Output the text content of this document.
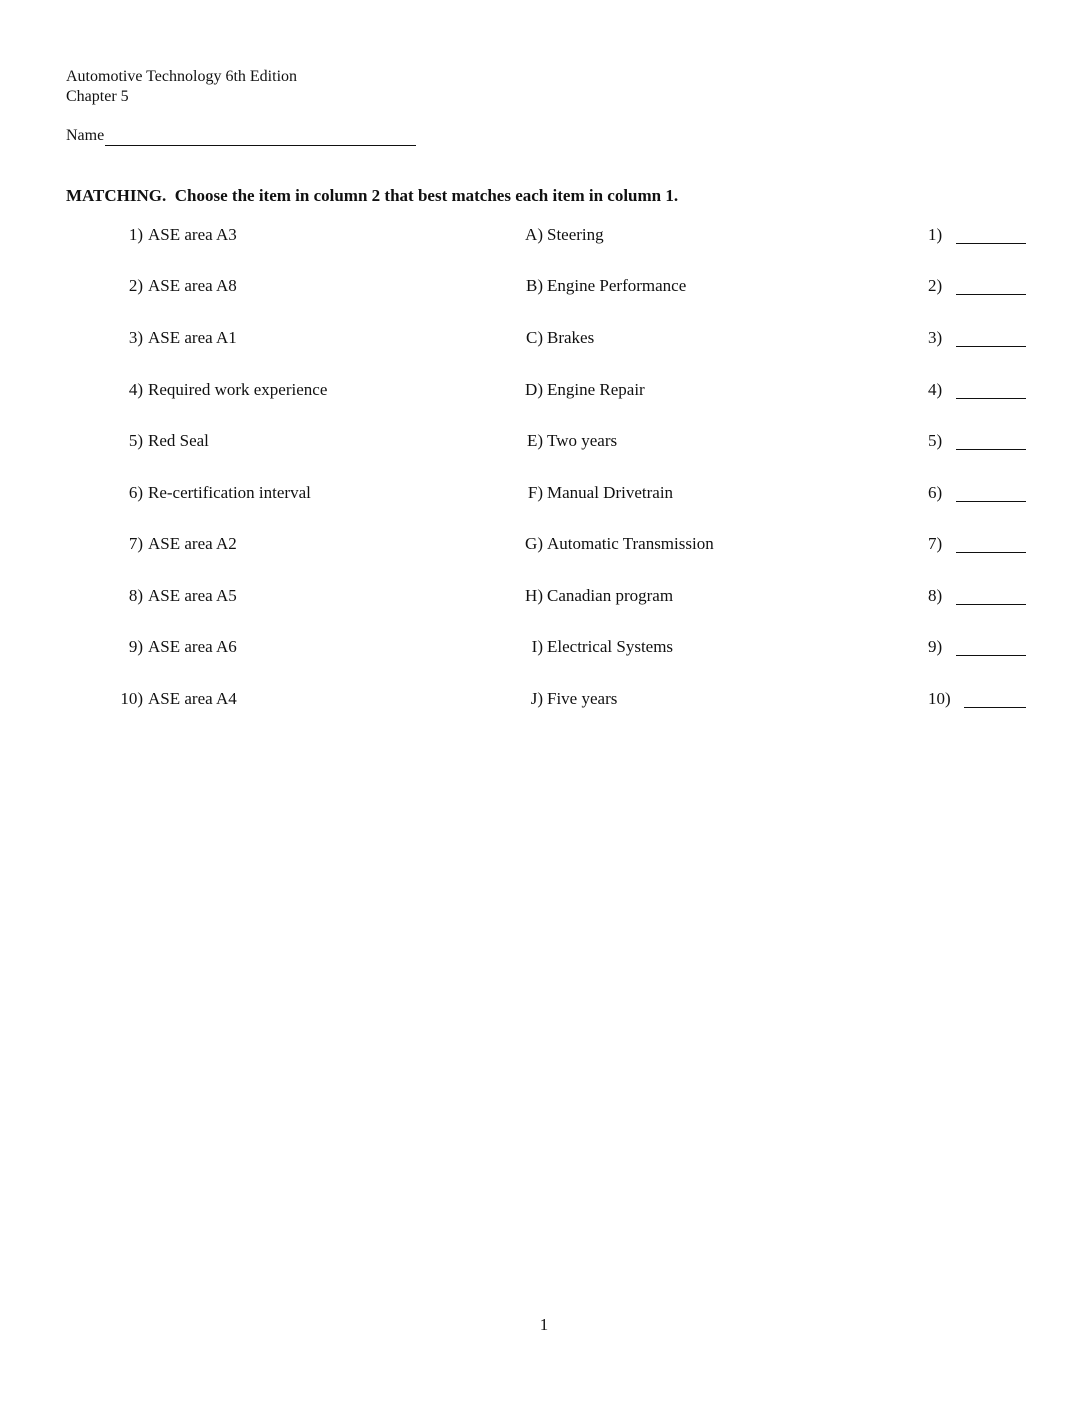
Automotive Technology 6th Edition
Chapter 5
Name
MATCHING.  Choose the item in column 2 that best matches each item in column 1.
1) ASE area A3	A) Steering	1)
2) ASE area A8	B) Engine Performance	2)
3) ASE area A1	C) Brakes	3)
4) Required work experience	D) Engine Repair	4)
5) Red Seal	E) Two years	5)
6) Re-certification interval	F) Manual Drivetrain	6)
7) ASE area A2	G) Automatic Transmission	7)
8) ASE area A5	H) Canadian program	8)
9) ASE area A6	I) Electrical Systems	9)
10) ASE area A4	J) Five years	10)
1
